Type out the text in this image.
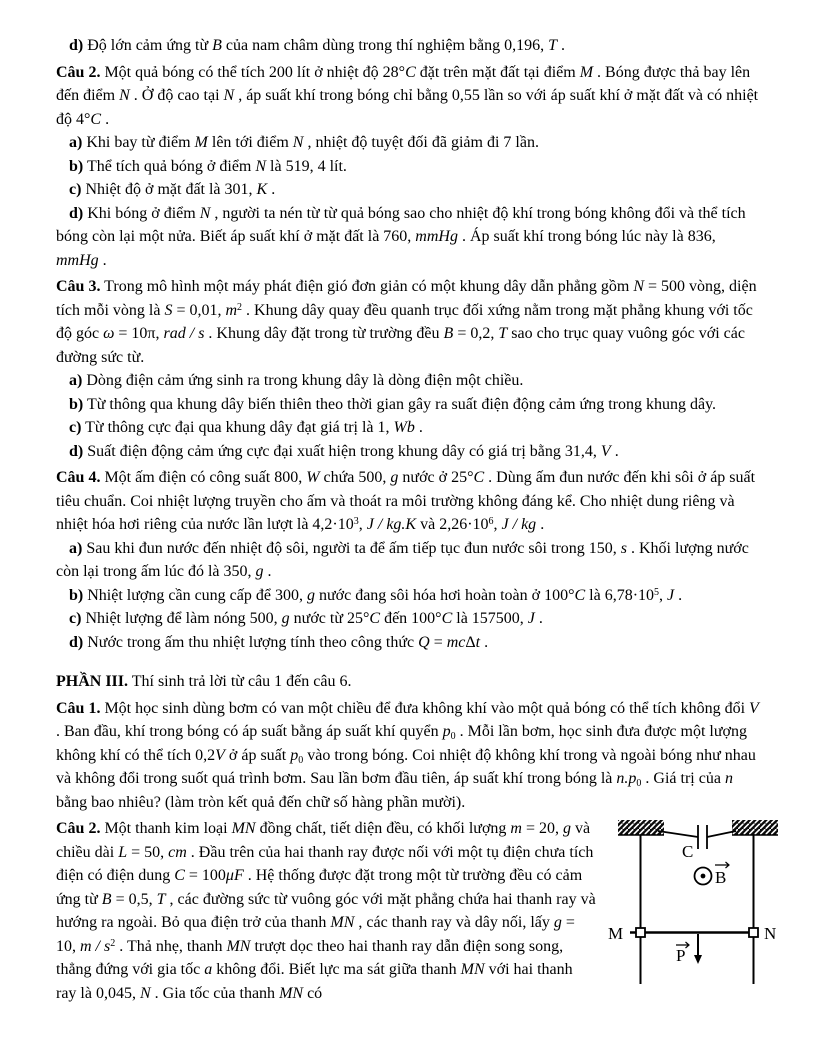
d) Độ lớn cảm ứng từ B của nam châm dùng trong thí nghiệm bằng 0,196, T .
Câu 2. Một quả bóng có thể tích 200 lít ở nhiệt độ 28°C đặt trên mặt đất tại điểm M . Bóng được thả bay lên đến điểm N . Ở độ cao tại N , áp suất khí trong bóng chỉ bằng 0,55 lần so với áp suất khí ở mặt đất và có nhiệt độ 4°C .
a) Khi bay từ điểm M lên tới điểm N , nhiệt độ tuyệt đối đã giảm đi 7 lần.
b) Thể tích quả bóng ở điểm N là 519, 4 lít.
c) Nhiệt độ ở mặt đất là 301, K .
d) Khi bóng ở điểm N , người ta nén từ từ quả bóng sao cho nhiệt độ khí trong bóng không đổi và thể tích bóng còn lại một nửa. Biết áp suất khí ở mặt đất là 760, mmHg . Áp suất khí trong bóng lúc này là 836, mmHg .
Câu 3. Trong mô hình một máy phát điện gió đơn giản có một khung dây dẫn phẳng gồm N = 500 vòng, diện tích mỗi vòng là S = 0,01, $m^2$ . Khung dây quay đều quanh trục đối xứng nằm trong mặt phẳng khung với tốc độ góc ω = 10π, rad / s . Khung dây đặt trong từ trường đều B = 0,2, T sao cho trục quay vuông góc với các đường sức từ.
a) Dòng điện cảm ứng sinh ra trong khung dây là dòng điện một chiều.
b) Từ thông qua khung dây biến thiên theo thời gian gây ra suất điện động cảm ứng trong khung dây.
c) Từ thông cực đại qua khung dây đạt giá trị là 1, Wb .
d) Suất điện động cảm ứng cực đại xuất hiện trong khung dây có giá trị bằng 31,4, V .
Câu 4. Một ấm điện có công suất 800, W chứa 500, g nước ở 25°C . Dùng ấm đun nước đến khi sôi ở áp suất tiêu chuẩn. Coi nhiệt lượng truyền cho ấm và thoát ra môi trường không đáng kể. Cho nhiệt dung riêng và nhiệt hóa hơi riêng của nước lần lượt là $4,2\cdot 10^3$, J / kg.K và $2,26\cdot 10^6$, J / kg .
a) Sau khi đun nước đến nhiệt độ sôi, người ta để ấm tiếp tục đun nước sôi trong 150, s . Khối lượng nước còn lại trong ấm lúc đó là 350, g .
b) Nhiệt lượng cần cung cấp để 300, g nước đang sôi hóa hơi hoàn toàn ở 100°C là $6,78\cdot 10^5$, J .
c) Nhiệt lượng để làm nóng 500, g nước từ 25°C đến 100°C là 157500, J .
d) Nước trong ấm thu nhiệt lượng tính theo công thức Q = mcΔt .
PHẦN III. Thí sinh trả lời từ câu 1 đến câu 6.
Câu 1. Một học sinh dùng bơm có van một chiều để đưa không khí vào một quả bóng có thể tích không đổi V . Ban đầu, khí trong bóng có áp suất bằng áp suất khí quyển $p_0$ . Mỗi lần bơm, học sinh đưa được một lượng không khí có thể tích 0,2V ở áp suất $p_0$ vào trong bóng. Coi nhiệt độ không khí trong và ngoài bóng như nhau và không đổi trong suốt quá trình bơm. Sau lần bơm đầu tiên, áp suất khí trong bóng là $n.p_0$ . Giá trị của n bằng bao nhiêu? (làm tròn kết quả đến chữ số hàng phần mười).
Câu 2. Một thanh kim loại MN đồng chất, tiết diện đều, có khối lượng m = 20, g và chiều dài L = 50, cm . Đầu trên của hai thanh ray được nối với một tụ điện chưa tích điện có điện dung C = 100μF . Hệ thống được đặt trong một từ trường đều có cảm ứng từ B = 0,5, T , các đường sức từ vuông góc với mặt phẳng chứa hai thanh ray và hướng ra ngoài. Bỏ qua điện trở của thanh MN , các thanh ray và dây nối, lấy g = 10, m / $s^2$ . Thả nhẹ, thanh MN trượt dọc theo hai thanh ray dẫn điện song song, thẳng đứng với gia tốc a không đổi. Biết lực ma sát giữa thanh MN với hai thanh ray là 0,045, N . Gia tốc của thanh MN có
C
B
M	N
P
